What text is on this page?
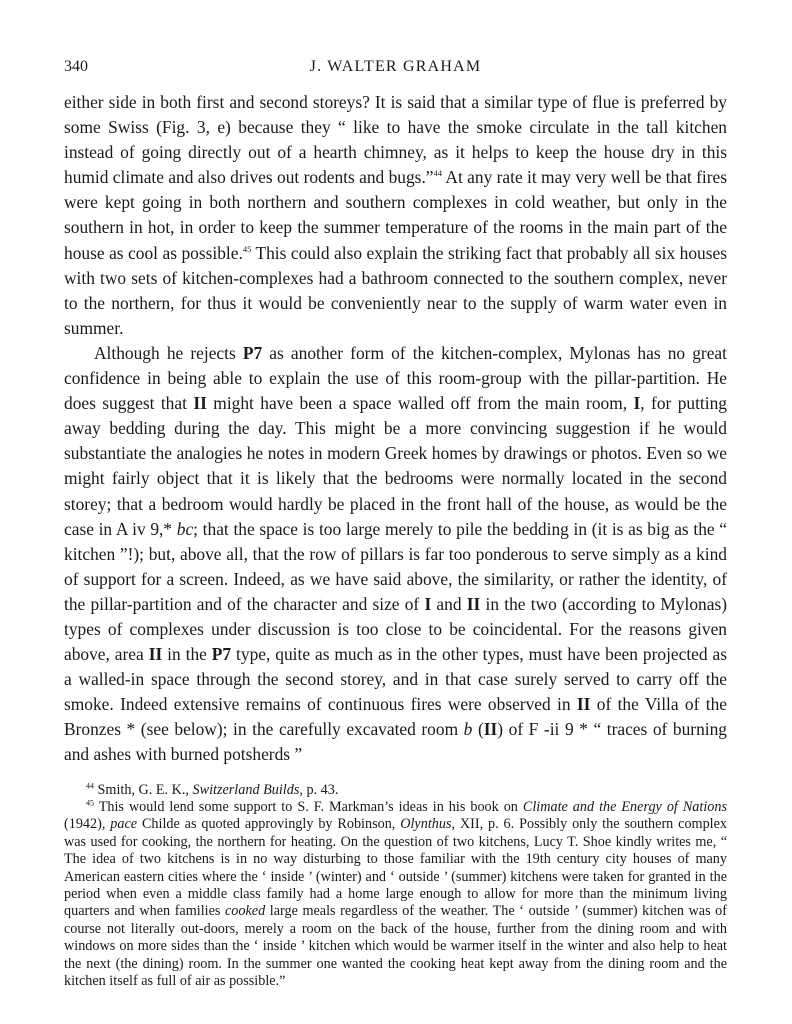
340	J. WALTER GRAHAM

either side in both first and second storeys? It is said that a similar type of flue is preferred by some Swiss (Fig. 3, e) because they “ like to have the smoke circulate in the tall kitchen instead of going directly out of a hearth chimney, as it helps to keep the house dry in this humid climate and also drives out rodents and bugs.”$^{44}$ At any rate it may very well be that fires were kept going in both northern and southern complexes in cold weather, but only in the southern in hot, in order to keep the summer temperature of the rooms in the main part of the house as cool as possible.$^{45}$ This could also explain the striking fact that probably all six houses with two sets of kitchen-complexes had a bathroom connected to the southern complex, never to the northern, for thus it would be conveniently near to the supply of warm water even in summer.

Although he rejects P7 as another form of the kitchen-complex, Mylonas has no great confidence in being able to explain the use of this room-group with the pillar-partition. He does suggest that II might have been a space walled off from the main room, I, for putting away bedding during the day. This might be a more convincing suggestion if he would substantiate the analogies he notes in modern Greek homes by drawings or photos. Even so we might fairly object that it is likely that the bedrooms were normally located in the second storey; that a bedroom would hardly be placed in the front hall of the house, as would be the case in A iv 9,* bc; that the space is too large merely to pile the bedding in (it is as big as the “ kitchen ”!); but, above all, that the row of pillars is far too ponderous to serve simply as a kind of support for a screen. Indeed, as we have said above, the similarity, or rather the identity, of the pillar-partition and of the character and size of I and II in the two (according to Mylonas) types of complexes under discussion is too close to be coincidental. For the reasons given above, area II in the P7 type, quite as much as in the other types, must have been projected as a walled-in space through the second storey, and in that case surely served to carry off the smoke. Indeed extensive remains of continuous fires were observed in II of the Villa of the Bronzes * (see below); in the carefully excavated room b (II) of F -ii 9 * “ traces of burning and ashes with burned potsherds ”

$^{44}$ Smith, G. E. K., Switzerland Builds, p. 43.

$^{45}$ This would lend some support to S. F. Markman’s ideas in his book on Climate and the Energy of Nations (1942), pace Childe as quoted approvingly by Robinson, Olynthus, XII, p. 6. Possibly only the southern complex was used for cooking, the northern for heating. On the question of two kitchens, Lucy T. Shoe kindly writes me, “ The idea of two kitchens is in no way disturbing to those familiar with the 19th century city houses of many American eastern cities where the ‘ inside ’ (winter) and ‘ outside ’ (summer) kitchens were taken for granted in the period when even a middle class family had a home large enough to allow for more than the minimum living quarters and when families cooked large meals regardless of the weather. The ‘ outside ’ (summer) kitchen was of course not literally out-doors, merely a room on the back of the house, further from the dining room and with windows on more sides than the ‘ inside ’ kitchen which would be warmer itself in the winter and also help to heat the next (the dining) room. In the summer one wanted the cooking heat kept away from the dining room and the kitchen itself as full of air as possible.”
